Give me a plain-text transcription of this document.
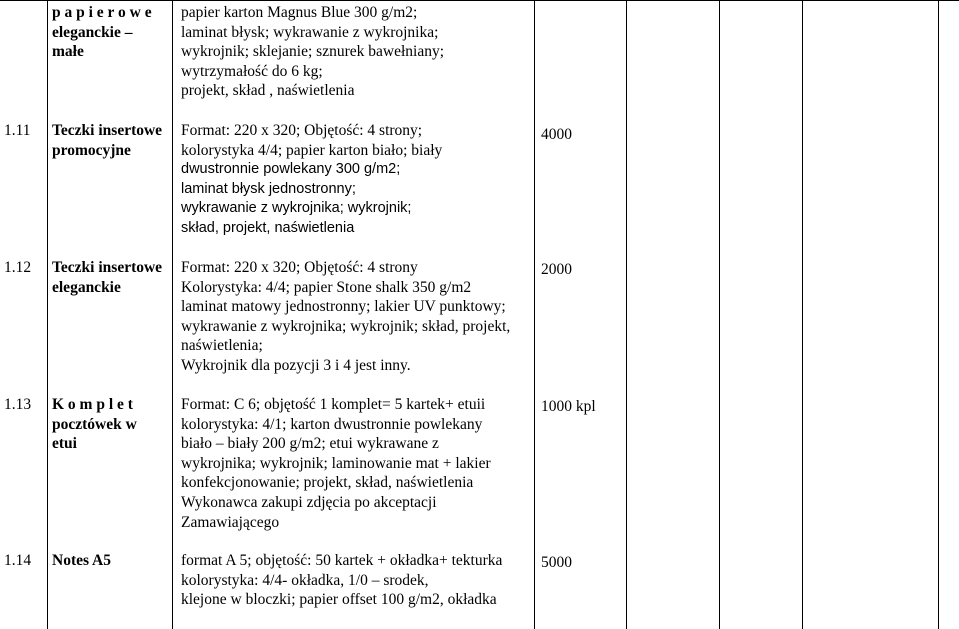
p a p i e r o w e
eleganckie –
małe
papier karton Magnus Blue 300 g/m2;
laminat błysk; wykrawanie z wykrojnika;
wykrojnik; sklejanie; sznurek bawełniany;
wytrzymałość do 6 kg;
projekt, skład , naświetlenia
1.11 Teczki insertowe
promocyjne
Format: 220 x 320; Objętość: 4 strony;
kolorystyka 4/4; papier karton biało; biały
dwustronnie powlekany 300 g/m2;
laminat błysk jednostronny;
wykrawanie z wykrojnika; wykrojnik;
skład, projekt, naświetlenia
4000
1.12 Teczki insertowe
eleganckie
Format: 220 x 320; Objętość: 4 strony
Kolorystyka: 4/4; papier Stone shalk 350 g/m2
laminat matowy jednostronny; lakier UV punktowy;
wykrawanie z wykrojnika; wykrojnik; skład, projekt,
naświetlenia;
Wykrojnik dla pozycji 3 i 4 jest inny.
2000
1.13 K o m p l e t
pocztówek w
etui
Format: C 6; objętość 1 komplet= 5 kartek+ etuii
kolorystyka: 4/1; karton dwustronnie powlekany
biało – biały 200 g/m2; etui wykrawane z
wykrojnika; wykrojnik; laminowanie mat + lakier
konfekcjonowanie; projekt, skład, naświetlenia
Wykonawca zakupi zdjęcia po akceptacji
Zamawiającego
1000 kpl
1.14 Notes A5	format A 5; objętość: 50 kartek + okładka+ tekturka
kolorystyka: 4/4- okładka, 1/0 – srodek,
klejone w bloczki; papier offset 100 g/m2, okładka
5000
